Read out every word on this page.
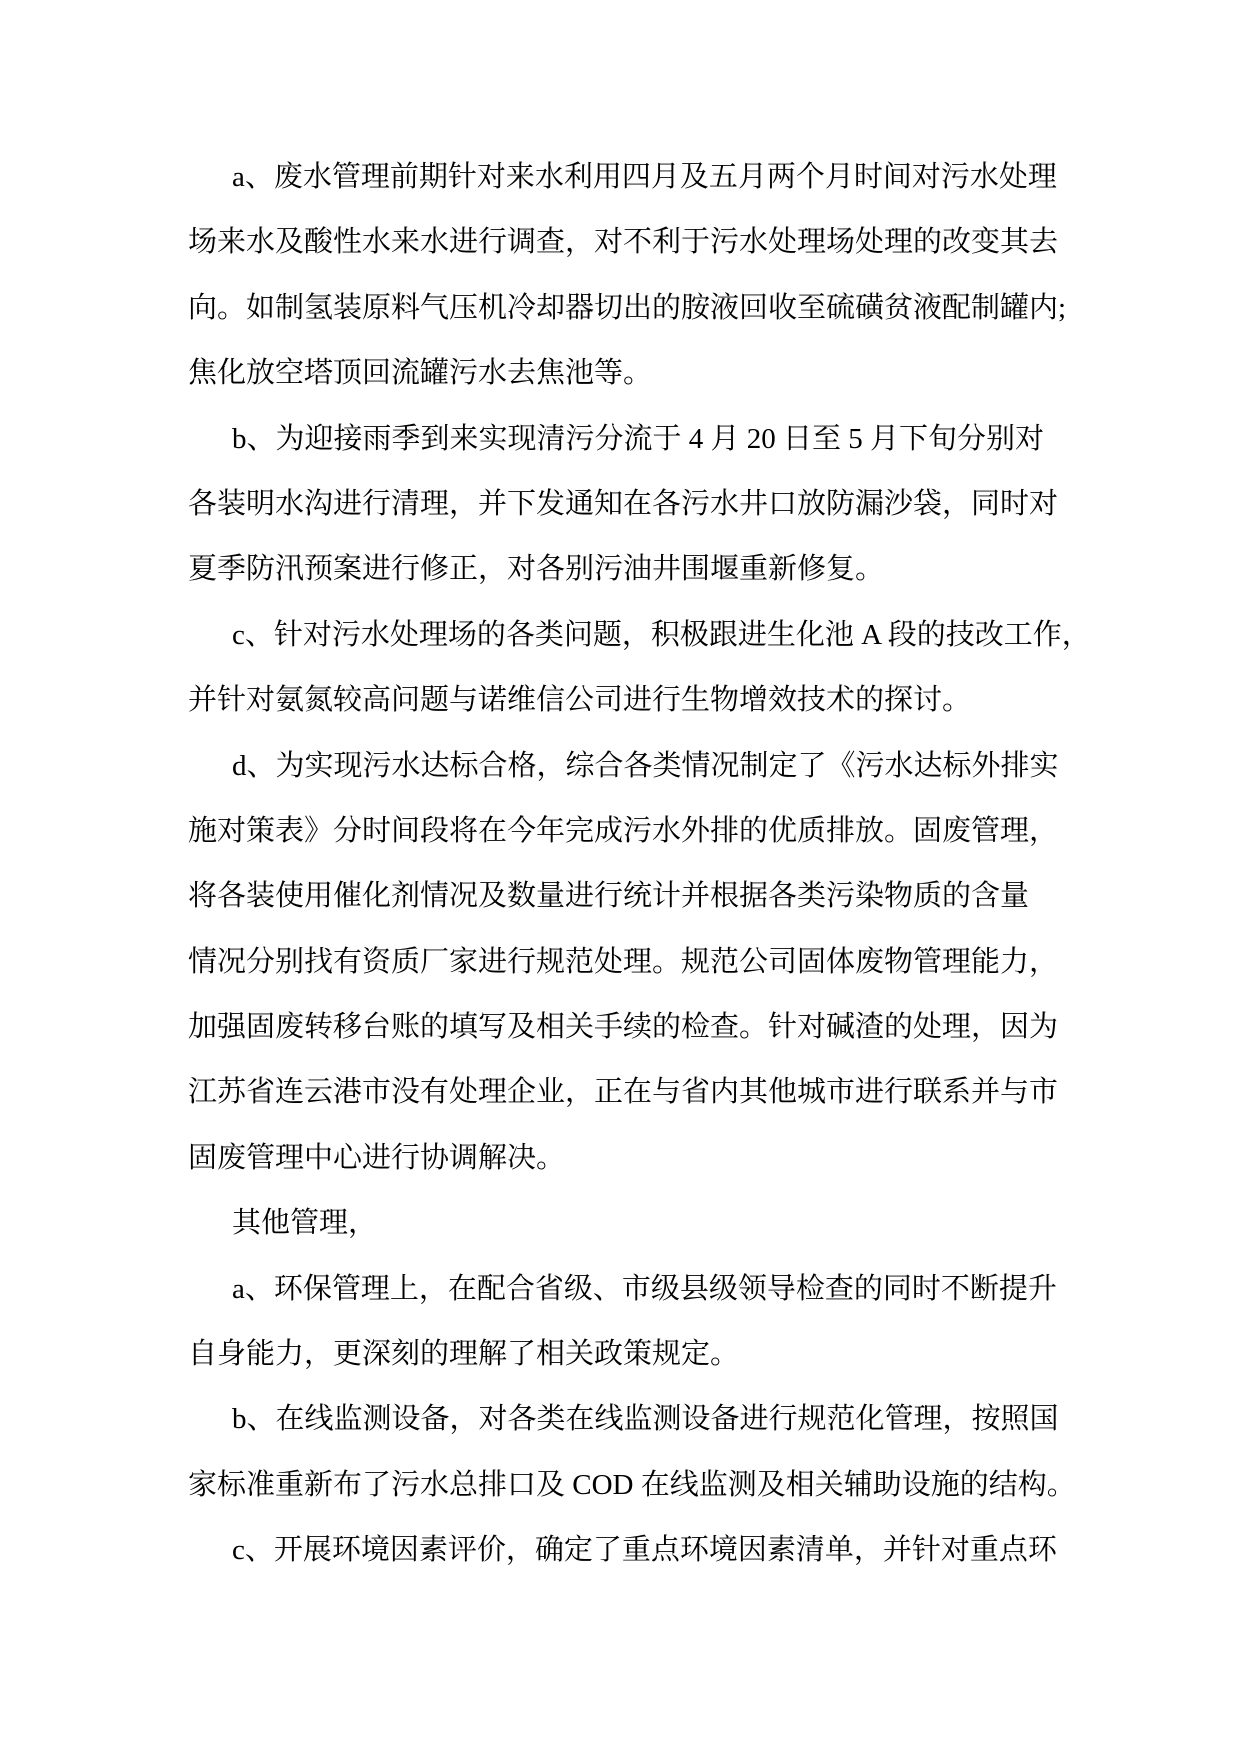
a、废水管理前期针对来水利用四月及五月两个月时间对污水处理
场来水及酸性水来水进行调查，对不利于污水处理场处理的改变其去
向。如制氢装原料气压机冷却器切出的胺液回收至硫磺贫液配制罐内;
焦化放空塔顶回流罐污水去焦池等。
b、为迎接雨季到来实现清污分流于 4 月 20 日至 5 月下旬分别对
各装明水沟进行清理，并下发通知在各污水井口放防漏沙袋，同时对
夏季防汛预案进行修正，对各别污油井围堰重新修复。
c、针对污水处理场的各类问题，积极跟进生化池 A 段的技改工作，
并针对氨氮较高问题与诺维信公司进行生物增效技术的探讨。
d、为实现污水达标合格，综合各类情况制定了《污水达标外排实
施对策表》分时间段将在今年完成污水外排的优质排放。固废管理，
将各装使用催化剂情况及数量进行统计并根据各类污染物质的含量
情况分别找有资质厂家进行规范处理。规范公司固体废物管理能力，
加强固废转移台账的填写及相关手续的检查。针对碱渣的处理，因为
江苏省连云港市没有处理企业，正在与省内其他城市进行联系并与市
固废管理中心进行协调解决。
其他管理，
a、环保管理上，在配合省级、市级县级领导检查的同时不断提升
自身能力，更深刻的理解了相关政策规定。
b、在线监测设备，对各类在线监测设备进行规范化管理，按照国
家标准重新布了污水总排口及 COD 在线监测及相关辅助设施的结构。
c、开展环境因素评价，确定了重点环境因素清单，并针对重点环
